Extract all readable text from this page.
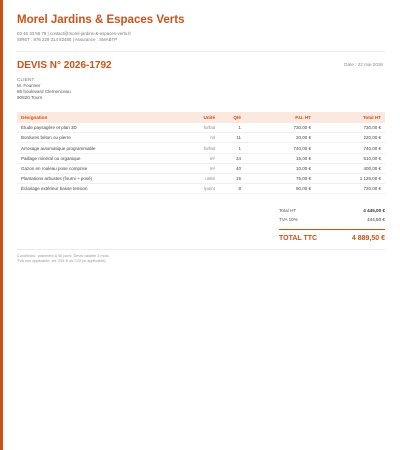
Morel Jardins & Espaces Verts
03 46 33 56 78 | contact@morel-jardins-&-espaces-verts.fr
SIRET : 876 229 314 82480 | Assurance : SMABTP
DEVIS N° 2026-1792	Date : 22 mai 2026
CLIENT
M. Fournier
85 boulevard Clemenceau
90820 Tours
Désignation	Unité	Qté	P.U. HT	Total HT
Étude paysagère et plan 3D	forfait	1	730,00 €	730,00 €
Bordures béton ou pierre	ml	11	20,00 €	220,00 €
Arrosage automatique programmable	forfait	1	740,00 €	740,00 €
Paillage minéral ou organique	m²	34	15,00 €	510,00 €
Gazon en rouleau pose comprise	m²	40	10,00 €	400,00 €
Plantations arbustes (fourni + posé)	unité	15	75,00 €	1 125,00 €
Éclairage extérieur basse tension	lpoint	8	90,00 €	720,00 €
Total HT	4 445,00 €
TVA 10%	444,50 €
TOTAL TTC	4 889,50 €
Conditions : paiement à 30 jours. Devis valable 3 mois.
TVA non applicable, art. 293 B du CGI (si applicable).
